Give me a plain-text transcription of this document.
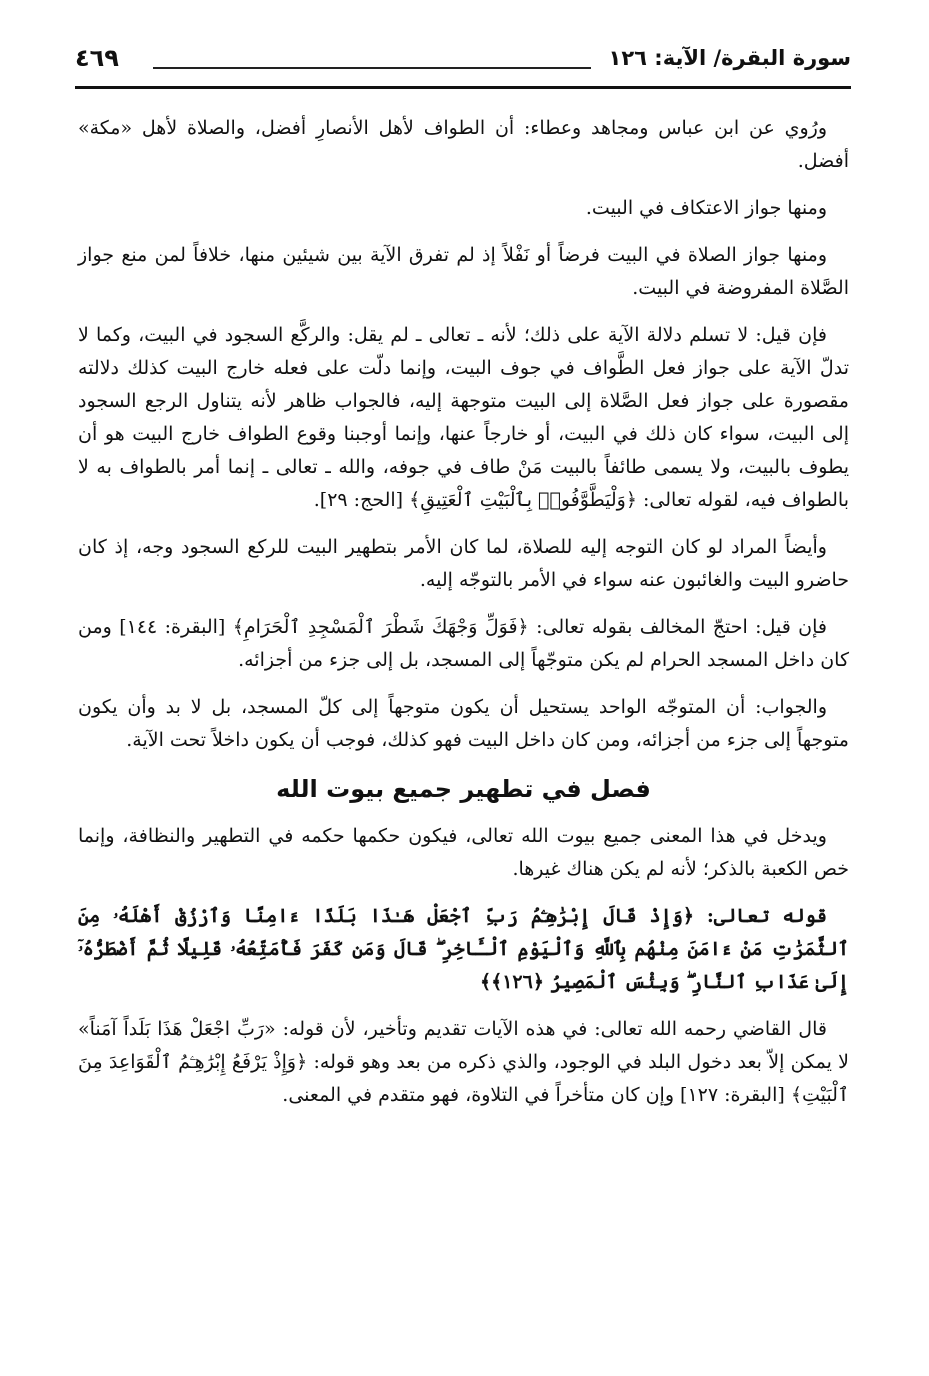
سورة البقرة/ الآية: ١٢٦
٤٦٩

ورُوي عن ابن عباس ومجاهد وعطاء: أن الطواف لأهل الأنصارِ أفضل، والصلاة لأهل «مكة» أفضل.

ومنها جواز الاعتكاف في البيت.

ومنها جواز الصلاة في البيت فرضاً أو نَفْلاً إذ لم تفرق الآية بين شيئين منها، خلافاً لمن منع جواز الصَّلاة المفروضة في البيت.

فإن قيل: لا تسلم دلالة الآية على ذلك؛ لأنه ـ تعالى ـ لم يقل: والركَّع السجود في البيت، وكما لا تدلّ الآية على جواز فعل الطَّواف في جوف البيت، وإنما دلّت على فعله خارج البيت كذلك دلالته مقصورة على جواز فعل الصَّلاة إلى البيت متوجهة إليه، فالجواب ظاهر لأنه يتناول الرجع السجود إلى البيت، سواء كان ذلك في البيت، أو خارجاً عنها، وإنما أوجبنا وقوع الطواف خارج البيت هو أن يطوف بالبيت، ولا يسمى طائفاً بالبيت مَنْ طاف في جوفه، والله ـ تعالى ـ إنما أمر بالطواف به لا بالطواف فيه، لقوله تعالى: ﴿وَلْيَطَّوَّفُوا۟ بِٱلْبَيْتِ ٱلْعَتِيقِ﴾ [الحج: ٢٩].

وأيضاً المراد لو كان التوجه إليه للصلاة، لما كان الأمر بتطهير البيت للركع السجود وجه، إذ كان حاضرو البيت والغائبون عنه سواء في الأمر بالتوجّه إليه.

فإن قيل: احتجّ المخالف بقوله تعالى: ﴿فَوَلِّ وَجْهَكَ شَطْرَ ٱلْمَسْجِدِ ٱلْحَرَامِ﴾ [البقرة: ١٤٤] ومن كان داخل المسجد الحرام لم يكن متوجّهاً إلى المسجد، بل إلى جزء من أجزائه.

والجواب: أن المتوجّه الواحد يستحيل أن يكون متوجهاً إلى كلّ المسجد، بل لا بد وأن يكون متوجهاً إلى جزء من أجزائه، ومن كان داخل البيت فهو كذلك، فوجب أن يكون داخلاً تحت الآية.

فصل في تطهير جميع بيوت الله

ويدخل في هذا المعنى جميع بيوت الله تعالى، فيكون حكمها حكمه في التطهير والنظافة، وإنما خص الكعبة بالذكر؛ لأنه لم يكن هناك غيرها.

قوله تعالى: ﴿وَإِذْ قَالَ إِبْرَٰهِـۧمُ رَبِّ ٱجْعَلْ هَـٰذَا بَلَدًا ءَامِنًا وَٱرْزُقْ أَهْلَهُۥ مِنَ ٱلثَّمَرَٰتِ مَنْ ءَامَنَ مِنْهُم بِٱللَّهِ وَٱلْيَوْمِ ٱلْـَٔاخِرِ ۖ قَالَ وَمَن كَفَرَ فَأُمَتِّعُهُۥ قَلِيلًا ثُمَّ أَضْطَرُّهُۥٓ إِلَىٰ عَذَابِ ٱلنَّارِ ۖ وَبِئْسَ ٱلْمَصِيرُ ﴿١٢٦﴾﴾

قال القاضي رحمه الله تعالى: في هذه الآيات تقديم وتأخير، لأن قوله: «رَبِّ اجْعَلْ هَذَا بَلَداً آمَناً» لا يمكن إلاّ بعد دخول البلد في الوجود، والذي ذكره من بعد وهو قوله: ﴿وَإِذْ يَرْفَعُ إِبْرَٰهِـۧمُ ٱلْقَوَاعِدَ مِنَ ٱلْبَيْتِ﴾ [البقرة: ١٢٧] وإن كان متأخراً في التلاوة، فهو متقدم في المعنى.
